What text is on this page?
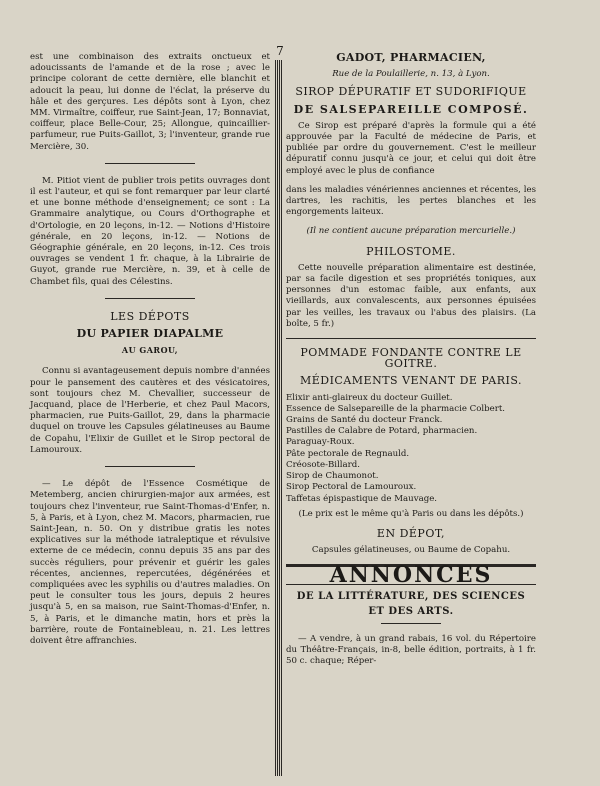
7

est une combinaison des extraits onctueux et adoucissants de l'amande et de la rose ; avec le principe colorant de cette dernière, elle blanchit et adoucit la peau, lui donne de l'éclat, la préserve du hâle et des gerçures. Les dépôts sont à Lyon, chez MM. Virmaître, coiffeur, rue Saint-Jean, 17; Bonnaviat, coiffeur, place Belle-Cour, 25; Allongue, quincaillier-parfumeur, rue Puits-Gaillot, 3; l'inventeur, grande rue Mercière, 30.

M. Pitiot vient de publier trois petits ouvrages dont il est l'auteur, et qui se font remarquer par leur clarté et une bonne méthode d'enseignement; ce sont : La Grammaire analytique, ou Cours d'Orthographe et d'Ortologie, en 20 leçons, in-12. — Notions d'Histoire générale, en 20 leçons, in-12. — Notions de Géographie générale, en 20 leçons, in-12. Ces trois ouvrages se vendent 1 fr. chaque, à la Librairie de Guyot, grande rue Mercière, n. 39, et à celle de Chambet fils, quai des Célestins.

LES DÉPOTS
DU PAPIER DIAPALME
AU GAROU,

Connu si avantageusement depuis nombre d'années pour le pansement des cautères et des vésicatoires, sont toujours chez M. Chevallier, successeur de Jacquand, place de l'Herberie, et chez Paul Macors, pharmacien, rue Puits-Gaillot, 29, dans la pharmacie duquel on trouve les Capsules gélatineuses au Baume de Copahu, l'Elixir de Guillet et le Sirop pectoral de Lamouroux.

— Le dépôt de l'Essence Cosmétique de Metemberg, ancien chirurgien-major aux armées, est toujours chez l'inventeur, rue Saint-Thomas-d'Enfer, n. 5, à Paris, et à Lyon, chez M. Macors, pharmacien, rue Saint-Jean, n. 50. On y distribue gratis les notes explicatives sur la méthode iatraleptique et révulsive externe de ce médecin, connu depuis 35 ans par des succès réguliers, pour prévenir et guérir les gales récentes, anciennes, repercutées, dégénérées et compliquées avec les syphilis ou d'autres maladies. On peut le consulter tous les jours, depuis 2 heures jusqu'à 5, en sa maison, rue Saint-Thomas-d'Enfer, n. 5, à Paris, et le dimanche matin, hors et près la barrière, route de Fontainebleau, n. 21. Les lettres doivent être affranchies.

GADOT, PHARMACIEN,
Rue de la Poulaillerie, n. 13, à Lyon.
SIROP DÉPURATIF ET SUDORIFIQUE
DE SALSEPAREILLE COMPOSÉ.

Ce Sirop est préparé d'après la formule qui a été approuvée par la Faculté de médecine de Paris, et publiée par ordre du gouvernement. C'est le meilleur dépuratif connu jusqu'à ce jour, et celui qui doit être employé avec le plus de confiance

dans les maladies vénériennes anciennes et récentes, les dartres, les rachitis, les pertes blanches et les engorgements laiteux.

(Il ne contient aucune préparation mercurielle.)

PHILOSTOME.

Cette nouvelle préparation alimentaire est destinée, par sa facile digestion et ses propriétés toniques, aux personnes d'un estomac faible, aux enfants, aux vieillards, aux convalescents, aux personnes épuisées par les veilles, les travaux ou l'abus des plaisirs. (La boîte, 5 fr.)

POMMADE FONDANTE CONTRE LE GOITRE.
MÉDICAMENTS VENANT DE PARIS.
Elixir anti-glaireux du docteur Guillet.
Essence de Salsepareille de la pharmacie Colbert.
Grains de Santé du docteur Franck.
Pastilles de Calabre de Potard, pharmacien.
Paraguay-Roux.
Pâte pectorale de Regnauld.
Créosote-Billard.
Sirop de Chaumonot.
Sirop Pectoral de Lamouroux.
Taffetas épispastique de Mauvage.

(Le prix est le même qu'à Paris ou dans les dépôts.)

EN DÉPOT,

Capsules gélatineuses, ou Baume de Copahu.

ANNONCES
DE LA LITTÉRATURE, DES SCIENCES
ET DES ARTS.

— A vendre, à un grand rabais, 16 vol. du Répertoire du Théâtre-Français, in-8, belle édition, portraits, à 1 fr. 50 c. chaque; Réper-
